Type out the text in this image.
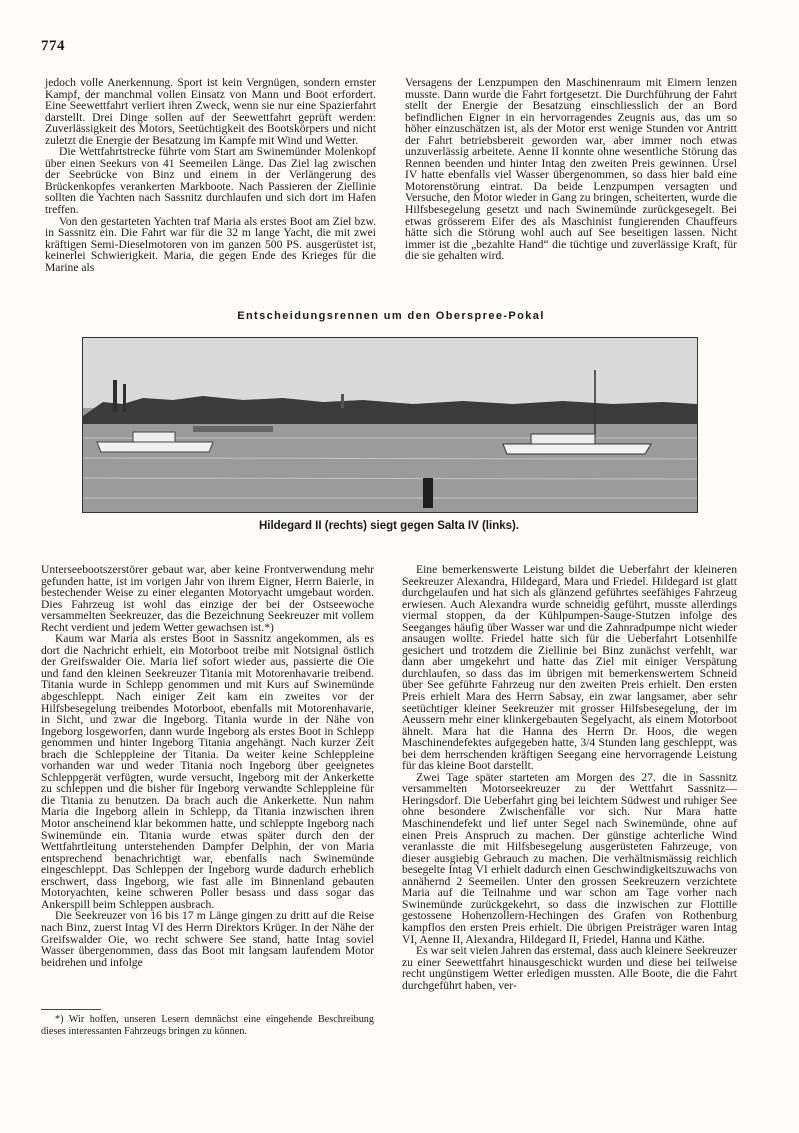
774

jedoch volle Anerkennung. Sport ist kein Vergnügen, sondern ernster Kampf, der manchmal vollen Einsatz von Mann und Boot erfordert. Eine Seewettfahrt verliert ihren Zweck, wenn sie nur eine Spazierfahrt darstellt. Drei Dinge sollen auf der Seewettfahrt geprüft werden: Zuverlässigkeit des Motors, Seetüchtigkeit des Bootskörpers und nicht zuletzt die Energie der Besatzung im Kampfe mit Wind und Wetter.

Die Wettfahrtstrecke führte vom Start am Swinemünder Molenkopf über einen Seekurs von 41 Seemeilen Länge. Das Ziel lag zwischen der Seebrücke von Binz und einem in der Verlängerung des Brückenkopfes verankerten Markboote. Nach Passieren der Ziellinie sollten die Yachten nach Sassnitz durchlaufen und sich dort im Hafen treffen.

Von den gestarteten Yachten traf Maria als erstes Boot am Ziel bzw. in Sassnitz ein. Die Fahrt war für die 32 m lange Yacht, die mit zwei kräftigen Semi-Dieselmotoren von im ganzen 500 PS. ausgerüstet ist, keinerlei Schwierigkeit. Maria, die gegen Ende des Krieges für die Marine als

Versagens der Lenzpumpen den Maschinenraum mit Eimern lenzen musste. Dann wurde die Fahrt fortgesetzt. Die Durchführung der Fahrt stellt der Energie der Besatzung einschliesslich der an Bord befindlichen Eigner in ein hervorragendes Zeugnis aus, das um so höher einzuschätzen ist, als der Motor erst wenige Stunden vor Antritt der Fahrt betriebsbereit geworden war, aber immer noch etwas unzuverlässig arbeitete. Aenne II konnte ohne wesentliche Störung das Rennen beenden und hinter Intag den zweiten Preis gewinnen. Ursel IV hatte ebenfalls viel Wasser übergenommen, so dass hier bald eine Motorenstörung eintrat. Da beide Lenzpumpen versagten und Versuche, den Motor wieder in Gang zu bringen, scheiterten, wurde die Hilfsbesegelung gesetzt und nach Swinemünde zurückgesegelt. Bei etwas grösserem Eifer des als Maschinist fungierenden Chauffeurs hätte sich die Störung wohl auch auf See beseitigen lassen. Nicht immer ist die „bezahlte Hand“ die tüchtige und zuverlässige Kraft, für die sie gehalten wird.

Entscheidungsrennen um den Oberspree-Pokal
Hildegard II (rechts) siegt gegen Salta IV (links).

Unterseebootszerstörer gebaut war, aber keine Frontverwendung mehr gefunden hatte, ist im vorigen Jahr von ihrem Eigner, Herrn Baierle, in bestechender Weise zu einer eleganten Motoryacht umgebaut worden. Dies Fahrzeug ist wohl das einzige der bei der Ostseewoche versammelten Seekreuzer, das die Bezeichnung Seekreuzer mit vollem Recht verdient und jedem Wetter gewachsen ist.*)

Kaum war Maria als erstes Boot in Sassnitz angekommen, als es dort die Nachricht erhielt, ein Motorboot treibe mit Notsignal östlich der Greifswalder Oie. Maria lief sofort wieder aus, passierte die Oie und fand den kleinen Seekreuzer Titania mit Motorenhavarie treibend. Titania wurde in Schlepp genommen und mit Kurs auf Swinemünde abgeschleppt. Nach einiger Zeit kam ein zweites vor der Hilfsbesegelung treibendes Motorboot, ebenfalls mit Motorenhavarie, in Sicht, und zwar die Ingeborg. Titania wurde in der Nähe von Ingeborg losgeworfen, dann wurde Ingeborg als erstes Boot in Schlepp genommen und hinter Ingeborg Titania angehängt. Nach kurzer Zeit brach die Schleppleine der Titania. Da weiter keine Schleppleine vorhanden war und weder Titania noch Ingeborg über geeignetes Schleppgerät verfügten, wurde versucht, Ingeborg mit der Ankerkette zu schleppen und die bisher für Ingeborg verwandte Schleppleine für die Titania zu benutzen. Da brach auch die Ankerkette. Nun nahm Maria die Ingeborg allein in Schlepp, da Titania inzwischen ihren Motor anscheinend klar bekommen hatte, und schleppte Ingeborg nach Swinemünde ein. Titania wurde etwas später durch den der Wettfahrtleitung unterstehenden Dampfer Delphin, der von Maria entsprechend benachrichtigt war, ebenfalls nach Swinemünde eingeschleppt. Das Schleppen der Ingeborg wurde dadurch erheblich erschwert, dass Ingeborg, wie fast alle im Binnenland gebauten Motoryachten, keine schweren Poller besass und dass sogar das Ankerspill beim Schleppen ausbrach.

Die Seekreuzer von 16 bis 17 m Länge gingen zu dritt auf die Reise nach Binz, zuerst Intag VI des Herrn Direktors Krüger. In der Nähe der Greifswalder Oie, wo recht schwere See stand, hatte Intag soviel Wasser übergenommen, dass das Boot mit langsam laufendem Motor beidrehen und infolge

*) Wir hoffen, unseren Lesern demnächst eine eingehende Beschreibung dieses interessanten Fahrzeugs bringen zu können.

Eine bemerkenswerte Leistung bildet die Ueberfahrt der kleineren Seekreuzer Alexandra, Hildegard, Mara und Friedel. Hildegard ist glatt durchgelaufen und hat sich als glänzend geführtes seefähiges Fahrzeug erwiesen. Auch Alexandra wurde schneidig geführt, musste allerdings viermal stoppen, da der Kühlpumpen-Sauge-Stutzen infolge des Seeganges häufig über Wasser war und die Zahnradpumpe nicht wieder ansaugen wollte. Friedel hatte sich für die Ueberfahrt Lotsenhilfe gesichert und trotzdem die Ziellinie bei Binz zunächst verfehlt, war dann aber umgekehrt und hatte das Ziel mit einiger Verspätung durchlaufen, so dass das im übrigen mit bemerkenswertem Schneid über See geführte Fahrzeug nur den zweiten Preis erhielt. Den ersten Preis erhielt Mara des Herrn Sabsay, ein zwar langsamer, aber sehr seetüchtiger kleiner Seekreuzer mit grosser Hilfsbesegelung, der im Aeussern mehr einer klinkergebauten Segelyacht, als einem Motorboot ähnelt. Mara hat die Hanna des Herrn Dr. Hoos, die wegen Maschinendefektes aufgegeben hatte, 3/4 Stunden lang geschleppt, was bei dem herrschenden kräftigen Seegang eine hervorragende Leistung für das kleine Boot darstellt.

Zwei Tage später starteten am Morgen des 27. die in Sassnitz versammelten Motorseekreuzer zu der Wettfahrt Sassnitz—Heringsdorf. Die Ueberfahrt ging bei leichtem Südwest und ruhiger See ohne besondere Zwischenfälle vor sich. Nur Mara hatte Maschinendefekt und lief unter Segel nach Swinemünde, ohne auf einen Preis Anspruch zu machen. Der günstige achterliche Wind veranlasste die mit Hilfsbesegelung ausgerüsteten Fahrzeuge, von dieser ausgiebig Gebrauch zu machen. Die verhältnismässig reichlich besegelte Intag VI erhielt dadurch einen Geschwindigkeitszuwachs von annähernd 2 Seemeilen. Unter den grossen Seekreuzern verzichtete Maria auf die Teilnahme und war schon am Tage vorher nach Swinemünde zurückgekehrt, so dass die inzwischen zur Flottille gestossene Hohenzollern-Hechingen des Grafen von Rothenburg kampflos den ersten Preis erhielt. Die übrigen Preisträger waren Intag VI, Aenne II, Alexandra, Hildegard II, Friedel, Hanna und Käthe.

Es war seit vielen Jahren das erstemal, dass auch kleinere Seekreuzer zu einer Seewettfahrt hinausgeschickt wurden und diese bei teilweise recht ungünstigem Wetter erledigen mussten. Alle Boote, die die Fahrt durchgeführt haben, ver-
